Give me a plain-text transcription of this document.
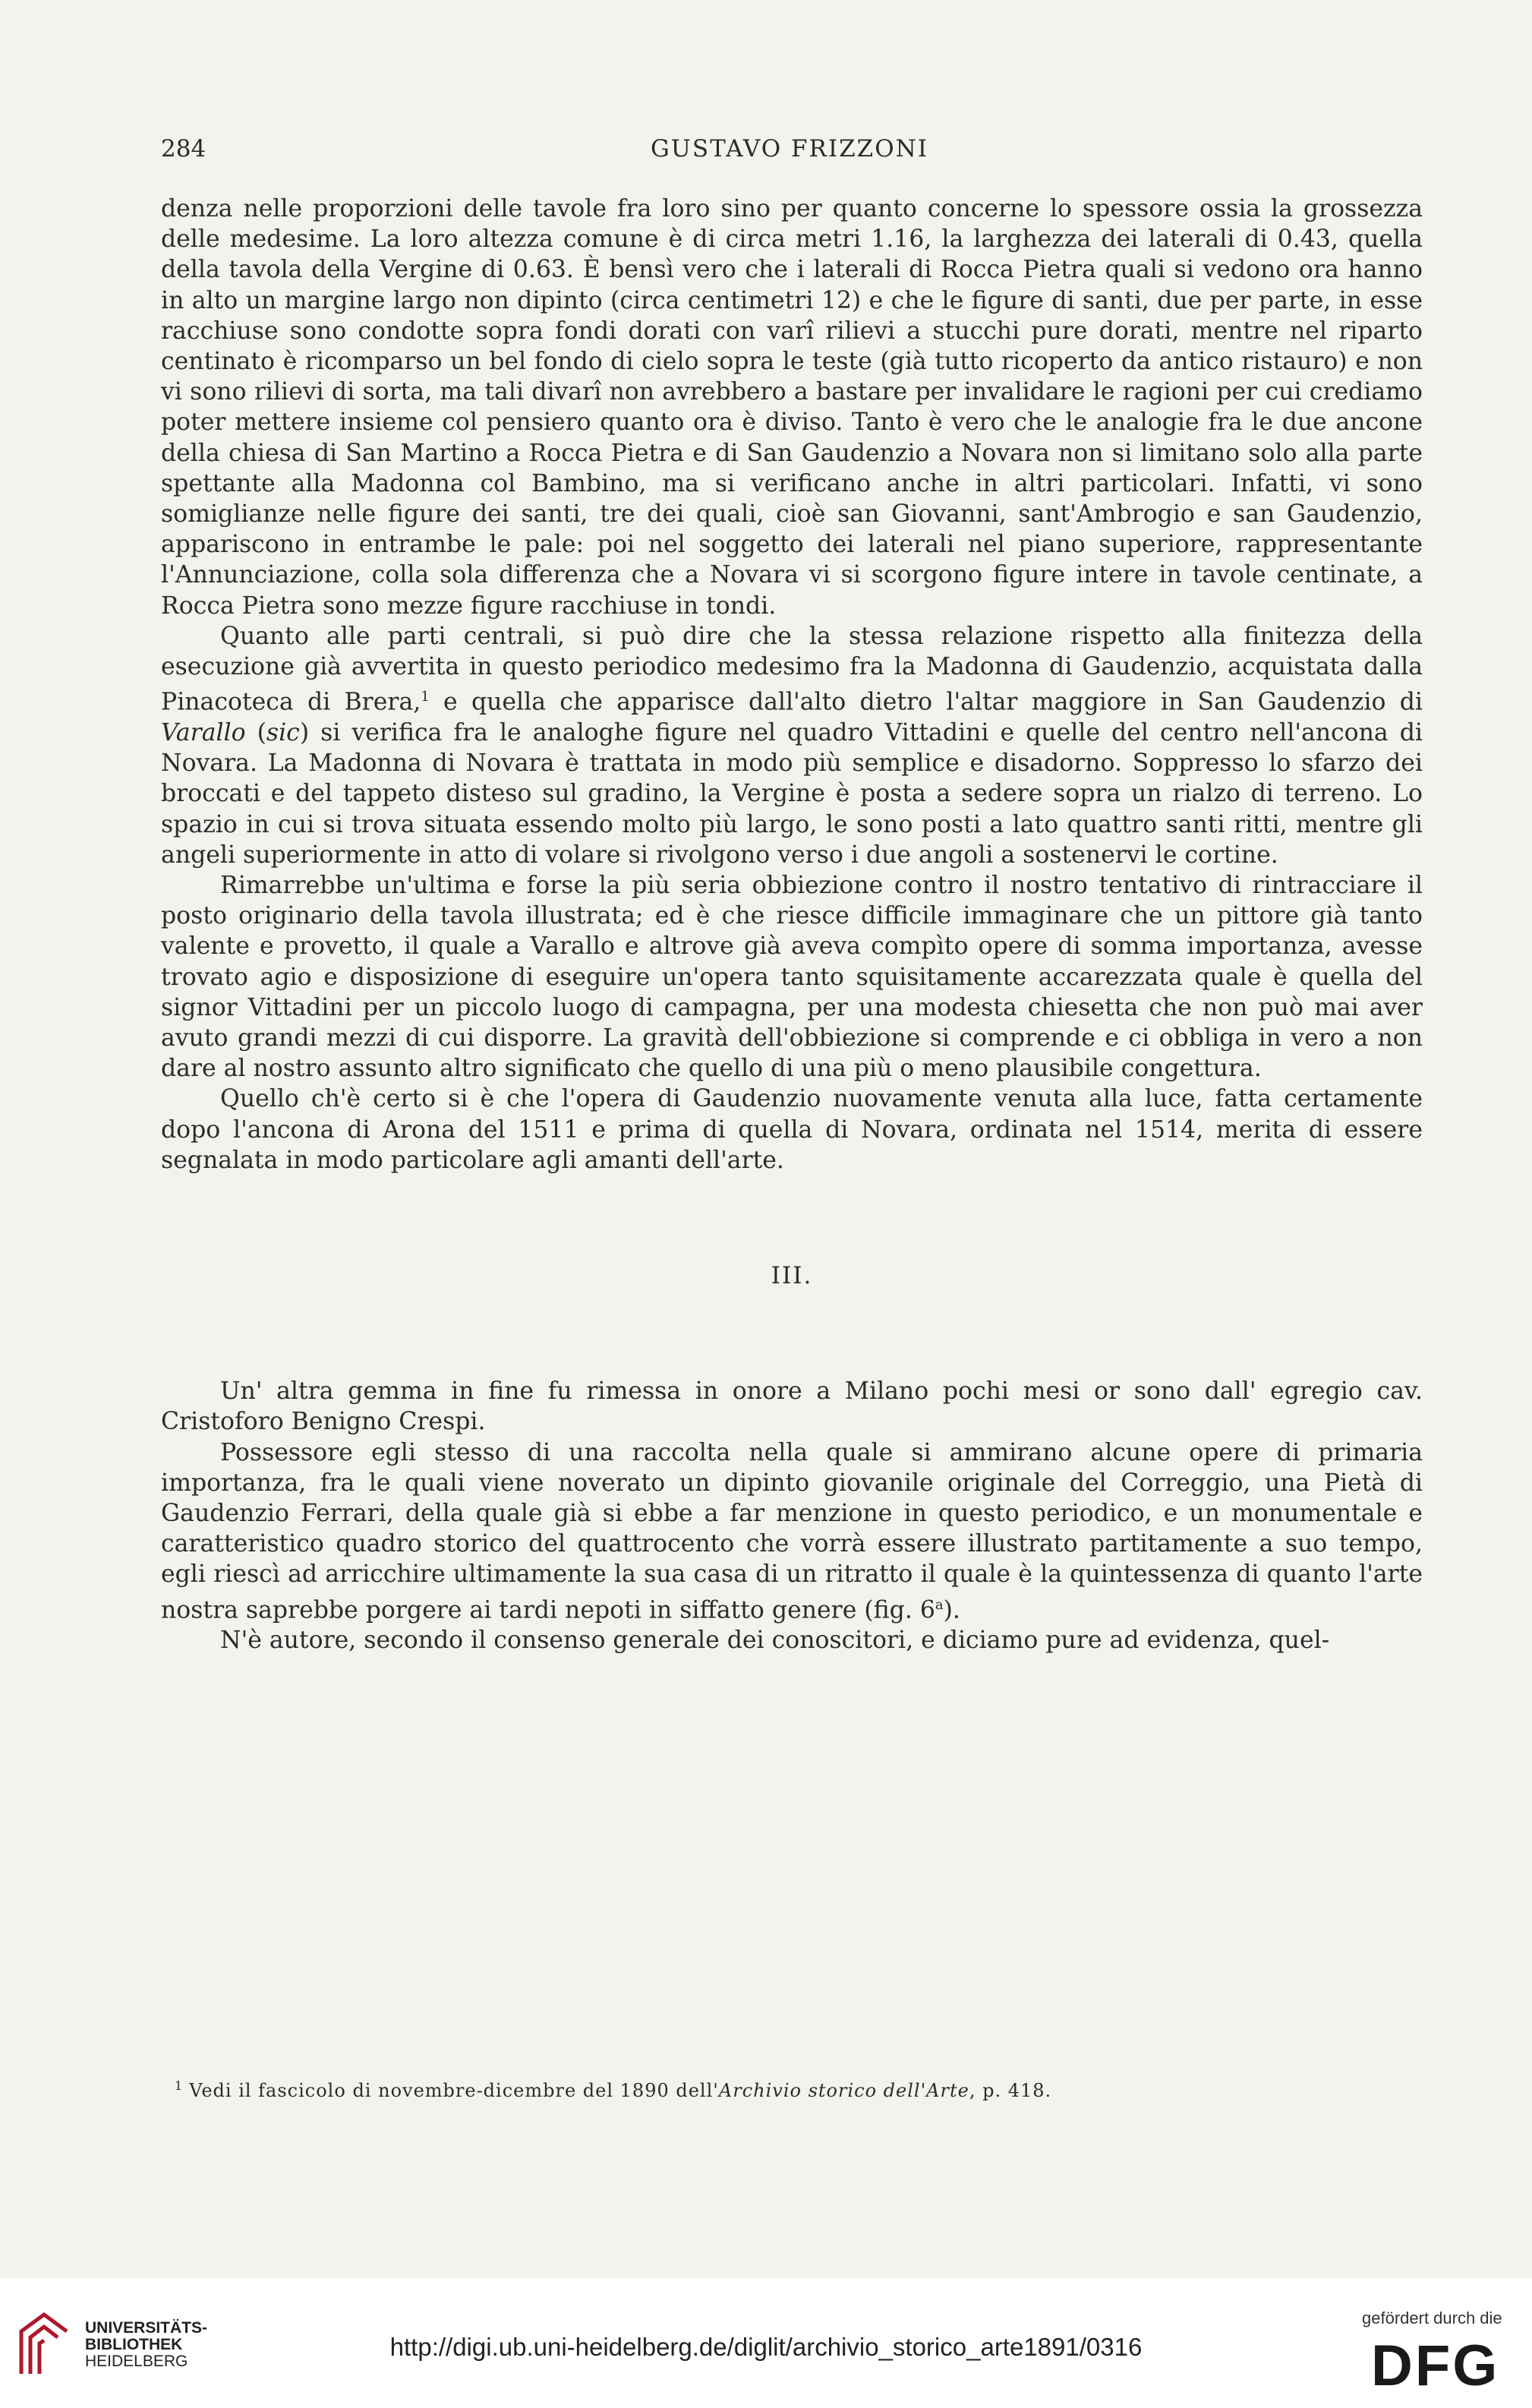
284	GUSTAVO FRIZZONI

denza nelle proporzioni delle tavole fra loro sino per quanto concerne lo spessore ossia la grossezza delle medesime. La loro altezza comune è di circa metri 1.16, la larghezza dei laterali di 0.43, quella della tavola della Vergine di 0.63. È bensì vero che i laterali di Rocca Pietra quali si vedono ora hanno in alto un margine largo non dipinto (circa centimetri 12) e che le figure di santi, due per parte, in esse racchiuse sono condotte sopra fondi dorati con varî rilievi a stucchi pure dorati, mentre nel riparto centinato è ricomparso un bel fondo di cielo sopra le teste (già tutto ricoperto da antico ristauro) e non vi sono rilievi di sorta, ma tali divarî non avrebbero a bastare per invalidare le ragioni per cui crediamo poter mettere insieme col pensiero quanto ora è diviso. Tanto è vero che le analogie fra le due ancone della chiesa di San Martino a Rocca Pietra e di San Gaudenzio a Novara non si limitano solo alla parte spettante alla Madonna col Bambino, ma si verificano anche in altri particolari. Infatti, vi sono somiglianze nelle figure dei santi, tre dei quali, cioè san Giovanni, sant'Ambrogio e san Gaudenzio, appariscono in entrambe le pale: poi nel soggetto dei laterali nel piano superiore, rappresentante l'Annunciazione, colla sola differenza che a Novara vi si scorgono figure intere in tavole centinate, a Rocca Pietra sono mezze figure racchiuse in tondi.

Quanto alle parti centrali, si può dire che la stessa relazione rispetto alla finitezza della esecuzione già avvertita in questo periodico medesimo fra la Madonna di Gaudenzio, acquistata dalla Pinacoteca di Brera,$^1$ e quella che apparisce dall'alto dietro l'altar maggiore in San Gaudenzio di Varallo (sic) si verifica fra le analoghe figure nel quadro Vittadini e quelle del centro nell'ancona di Novara. La Madonna di Novara è trattata in modo più semplice e disadorno. Soppresso lo sfarzo dei broccati e del tappeto disteso sul gradino, la Vergine è posta a sedere sopra un rialzo di terreno. Lo spazio in cui si trova situata essendo molto più largo, le sono posti a lato quattro santi ritti, mentre gli angeli superiormente in atto di volare si rivolgono verso i due angoli a sostenervi le cortine.

Rimarrebbe un'ultima e forse la più seria obbiezione contro il nostro tentativo di rintracciare il posto originario della tavola illustrata; ed è che riesce difficile immaginare che un pittore già tanto valente e provetto, il quale a Varallo e altrove già aveva compìto opere di somma importanza, avesse trovato agio e disposizione di eseguire un'opera tanto squisitamente accarezzata quale è quella del signor Vittadini per un piccolo luogo di campagna, per una modesta chiesetta che non può mai aver avuto grandi mezzi di cui disporre. La gravità dell'obbiezione si comprende e ci obbliga in vero a non dare al nostro assunto altro significato che quello di una più o meno plausibile congettura.

Quello ch'è certo si è che l'opera di Gaudenzio nuovamente venuta alla luce, fatta certamente dopo l'ancona di Arona del 1511 e prima di quella di Novara, ordinata nel 1514, merita di essere segnalata in modo particolare agli amanti dell'arte.

III.

Un' altra gemma in fine fu rimessa in onore a Milano pochi mesi or sono dall' egregio cav. Cristoforo Benigno Crespi.

Possessore egli stesso di una raccolta nella quale si ammirano alcune opere di primaria importanza, fra le quali viene noverato un dipinto giovanile originale del Correggio, una Pietà di Gaudenzio Ferrari, della quale già si ebbe a far menzione in questo periodico, e un monumentale e caratteristico quadro storico del quattrocento che vorrà essere illustrato partitamente a suo tempo, egli riescì ad arricchire ultimamente la sua casa di un ritratto il quale è la quintessenza di quanto l'arte nostra saprebbe porgere ai tardi nepoti in siffatto genere (fig. 6$^a$).

N'è autore, secondo il consenso generale dei conoscitori, e diciamo pure ad evidenza, quel-

$^1$ Vedi il fascicolo di novembre-dicembre del 1890 dell'Archivio storico dell'Arte, p. 418.
UNIVERSITÄTS-
BIBLIOTHEK
HEIDELBERG
http://digi.ub.uni-heidelberg.de/diglit/archivio_storico_arte1891/0316
gefördert durch die
DFG
